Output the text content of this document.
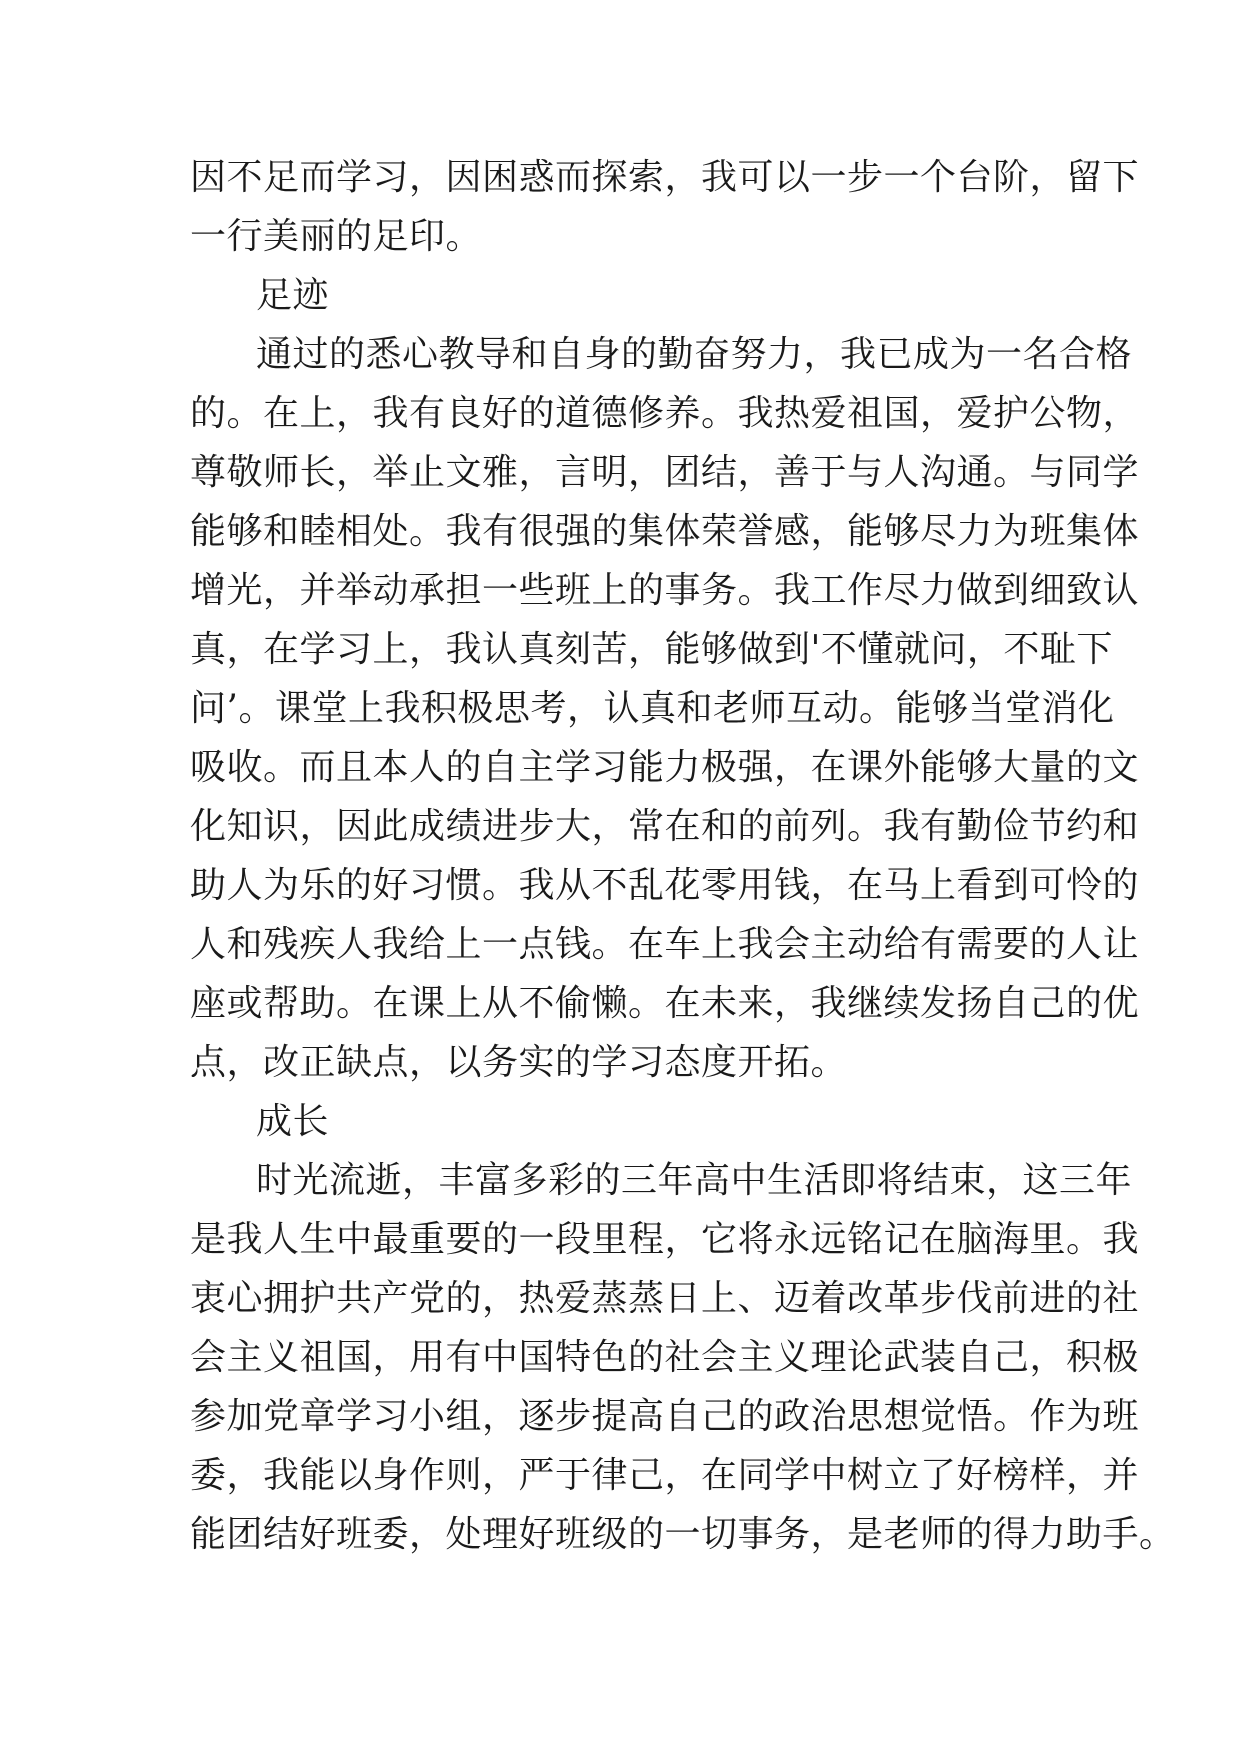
因不足而学习，因困惑而探索，我可以一步一个台阶，留下
一行美丽的足印。
足迹
通过的悉心教导和自身的勤奋努力，我已成为一名合格
的。在上，我有良好的道德修养。我热爱祖国，爱护公物，
尊敬师长，举止文雅，言明，团结，善于与人沟通。与同学
能够和睦相处。我有很强的集体荣誉感，能够尽力为班集体
增光，并举动承担一些班上的事务。我工作尽力做到细致认
真，在学习上，我认真刻苦，能够做到'不懂就问，不耻下
问’。课堂上我积极思考，认真和老师互动。能够当堂消化
吸收。而且本人的自主学习能力极强，在课外能够大量的文
化知识，因此成绩进步大，常在和的前列。我有勤俭节约和
助人为乐的好习惯。我从不乱花零用钱，在马上看到可怜的
人和残疾人我给上一点钱。在车上我会主动给有需要的人让
座或帮助。在课上从不偷懒。在未来，我继续发扬自己的优
点，改正缺点，以务实的学习态度开拓。
成长
时光流逝，丰富多彩的三年高中生活即将结束，这三年
是我人生中最重要的一段里程，它将永远铭记在脑海里。我
衷心拥护共产党的，热爱蒸蒸日上、迈着改革步伐前进的社
会主义祖国，用有中国特色的社会主义理论武装自己，积极
参加党章学习小组，逐步提高自己的政治思想觉悟。作为班
委，我能以身作则，严于律己，在同学中树立了好榜样，并
能团结好班委，处理好班级的一切事务，是老师的得力助手。
